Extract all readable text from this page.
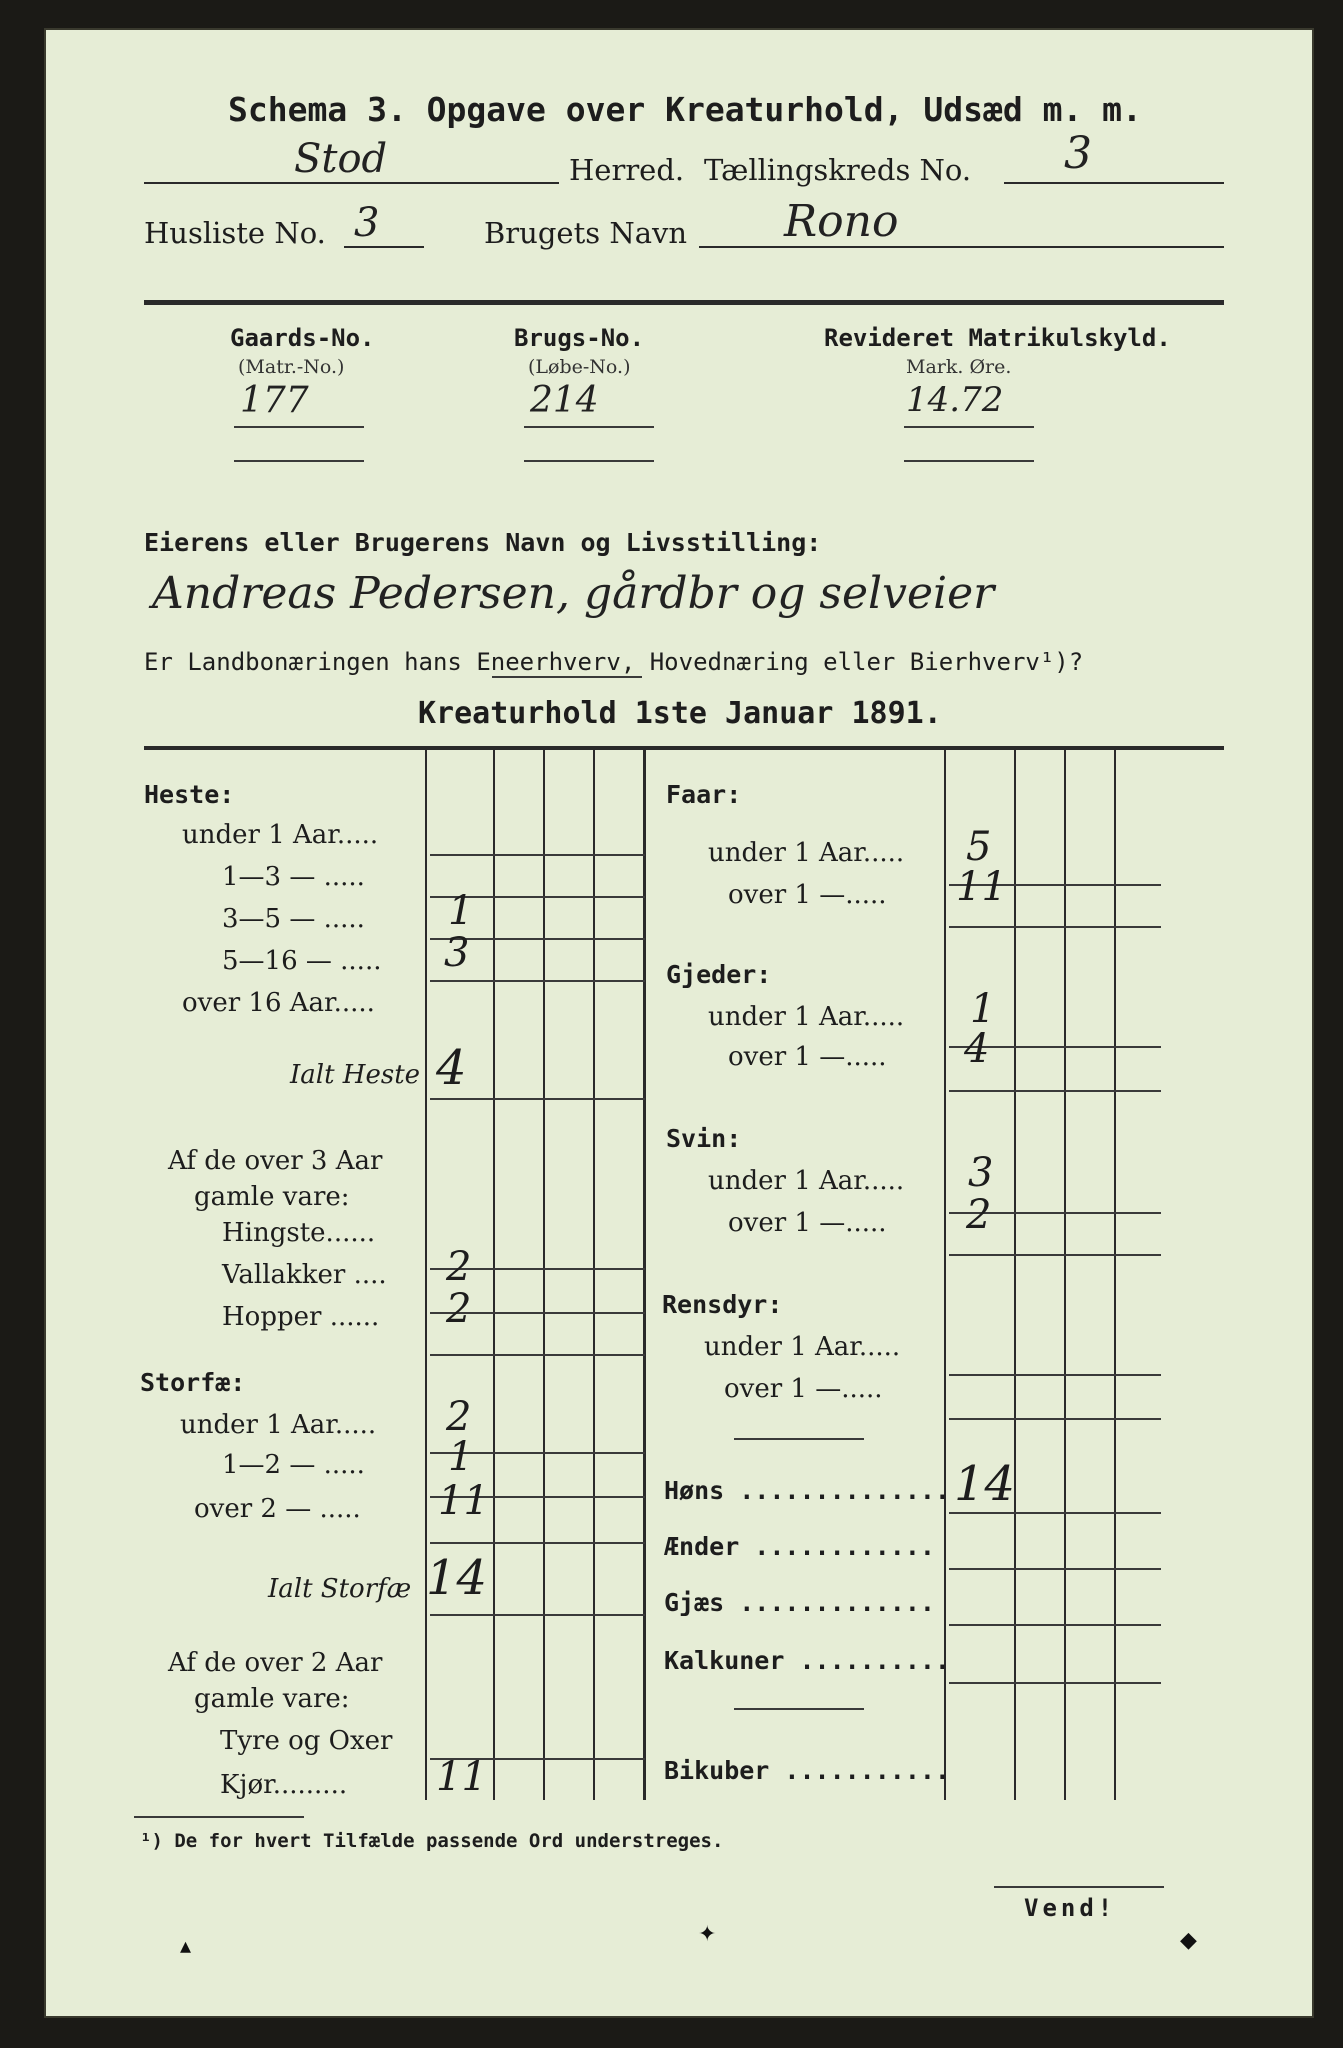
Schema 3. Opgave over Kreaturhold, Udsæd m. m.
Stod	Herred. Tællingskreds No. 3
Husliste No. 3	Brugets Navn Rono
Gaards-No.
(Matr.-No.)
177
Brugs-No.
(Løbe-No.)
214
Revideret Matrikulskyld.
Mark. Øre.
14.72
Eierens eller Brugerens Navn og Livsstilling:
Andreas Pedersen, gårdbr og selveier
Er Landbonæringen hans Eneerhverv, Hovednæring eller Bierhverv¹)?
Kreaturhold 1ste Januar 1891.
Heste:
under 1 Aar.....
1—3 — .....
3—5 — ..... 1
5—16 — ..... 3
over 16 Aar.....
Ialt Heste 4
Af de over 3 Aar
gamle vare:
Hingste......
Vallakker .... 2
Hopper ...... 2
Storfæ:
under 1 Aar..... 2
1—2 — ..... 1
over 2 — ..... 11
Ialt Storfæ 14
Af de over 2 Aar
gamle vare:
Tyre og Oxer
Kjør......... 11
Faar:
under 1 Aar..... 5
over 1 —..... 11
Gjeder:
under 1 Aar..... 1
over 1 —..... 4
Svin:
under 1 Aar..... 3
over 1 —..... 2
Rensdyr:
under 1 Aar.....
over 1 —.....
Høns .............. 14
Ænder ............
Gjæs .............
Kalkuner ..........
Bikuber ...........
¹) De for hvert Tilfælde passende Ord understreges.
Vend!
▴	✦	◆
